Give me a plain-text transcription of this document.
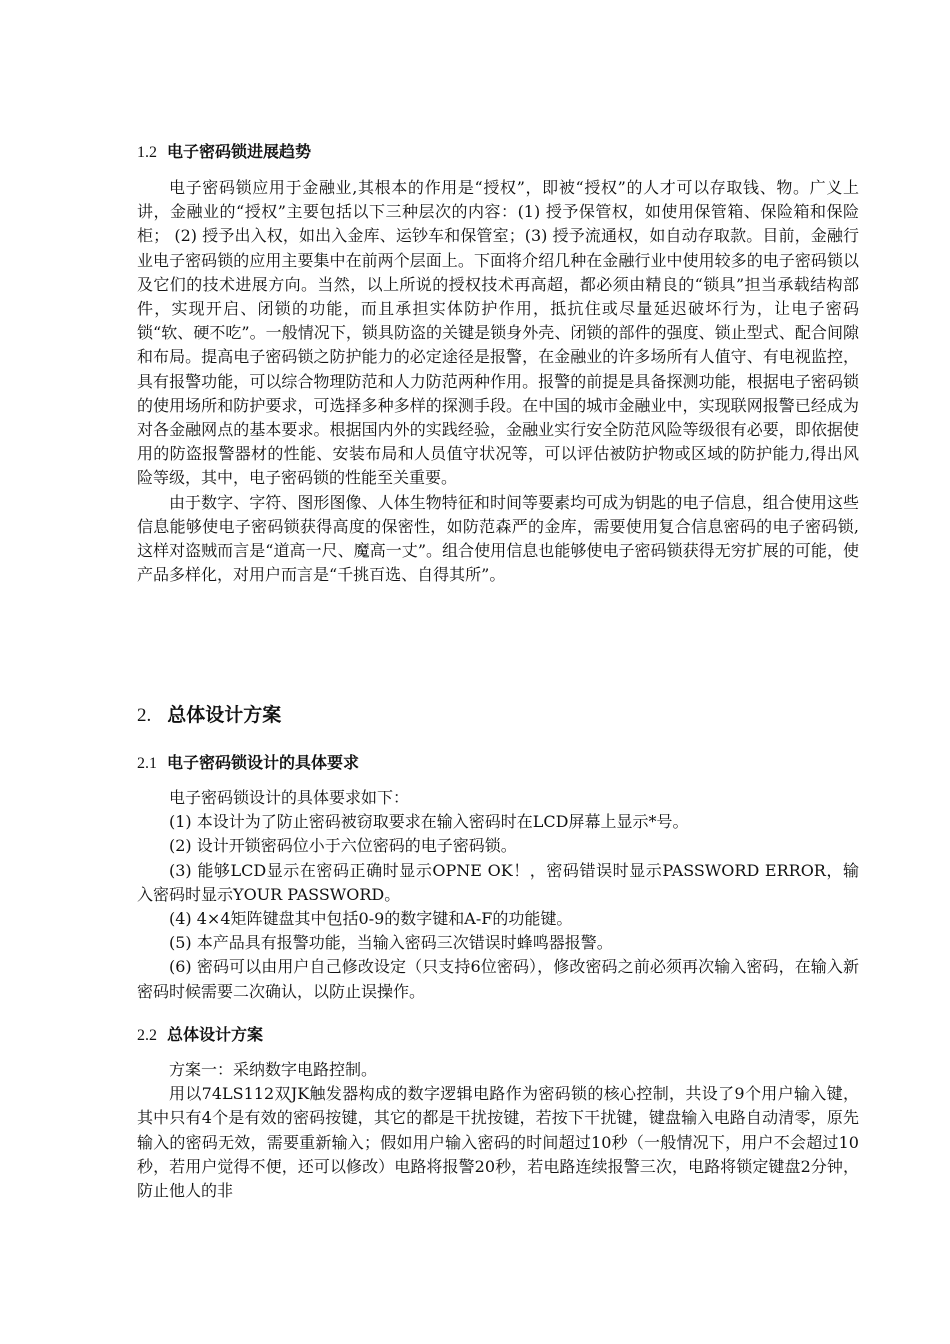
1.2 电子密码锁进展趋势

电子密码锁应用于金融业,其根本的作用是“授权”，即被“授权”的人才可以存取钱、物。广义上讲，金融业的“授权”主要包括以下三种层次的内容：(1) 授予保管权，如使用保管箱、保险箱和保险柜； (2) 授予出入权，如出入金库、运钞车和保管室；(3) 授予流通权，如自动存取款。目前，金融行业电子密码锁的应用主要集中在前两个层面上。下面将介绍几种在金融行业中使用较多的电子密码锁以及它们的技术进展方向。当然，以上所说的授权技术再高超，都必须由精良的“锁具”担当承载结构部件，实现开启、闭锁的功能，而且承担实体防护作用，抵抗住或尽量延迟破坏行为，让电子密码锁“软、硬不吃”。一般情况下，锁具防盗的关键是锁身外壳、闭锁的部件的强度、锁止型式、配合间隙和布局。提高电子密码锁之防护能力的必定途径是报警，在金融业的许多场所有人值守、有电视监控，具有报警功能，可以综合物理防范和人力防范两种作用。报警的前提是具备探测功能，根据电子密码锁的使用场所和防护要求，可选择多种多样的探测手段。在中国的城市金融业中，实现联网报警已经成为对各金融网点的基本要求。根据国内外的实践经验，金融业实行安全防范风险等级很有必要，即依据使用的防盗报警器材的性能、安装布局和人员值守状况等，可以评估被防护物或区域的防护能力,得出风险等级，其中，电子密码锁的性能至关重要。

由于数字、字符、图形图像、人体生物特征和时间等要素均可成为钥匙的电子信息，组合使用这些信息能够使电子密码锁获得高度的保密性，如防范森严的金库，需要使用复合信息密码的电子密码锁,这样对盗贼而言是“道高一尺、魔高一丈”。组合使用信息也能够使电子密码锁获得无穷扩展的可能，使产品多样化，对用户而言是“千挑百选、自得其所”。

2. 总体设计方案
2.1 电子密码锁设计的具体要求

电子密码锁设计的具体要求如下：

(1) 本设计为了防止密码被窃取要求在输入密码时在LCD屏幕上显示*号。

(2) 设计开锁密码位小于六位密码的电子密码锁。

(3) 能够LCD显示在密码正确时显示OPNE OK！，密码错误时显示PASSWORD ERROR，输入密码时显示YOUR PASSWORD。

(4) 4×4矩阵键盘其中包括0-9的数字键和A-F的功能键。

(5) 本产品具有报警功能，当输入密码三次错误时蜂鸣器报警。

(6) 密码可以由用户自己修改设定（只支持6位密码），修改密码之前必须再次输入密码，在输入新密码时候需要二次确认，以防止误操作。

2.2 总体设计方案

方案一：采纳数字电路控制。

用以74LS112双JK触发器构成的数字逻辑电路作为密码锁的核心控制，共设了9个用户输入键，其中只有4个是有效的密码按键，其它的都是干扰按键，若按下干扰键，键盘输入电路自动清零，原先输入的密码无效，需要重新输入；假如用户输入密码的时间超过10秒（一般情况下，用户不会超过10秒，若用户觉得不便，还可以修改）电路将报警20秒，若电路连续报警三次，电路将锁定键盘2分钟，防止他人的非
